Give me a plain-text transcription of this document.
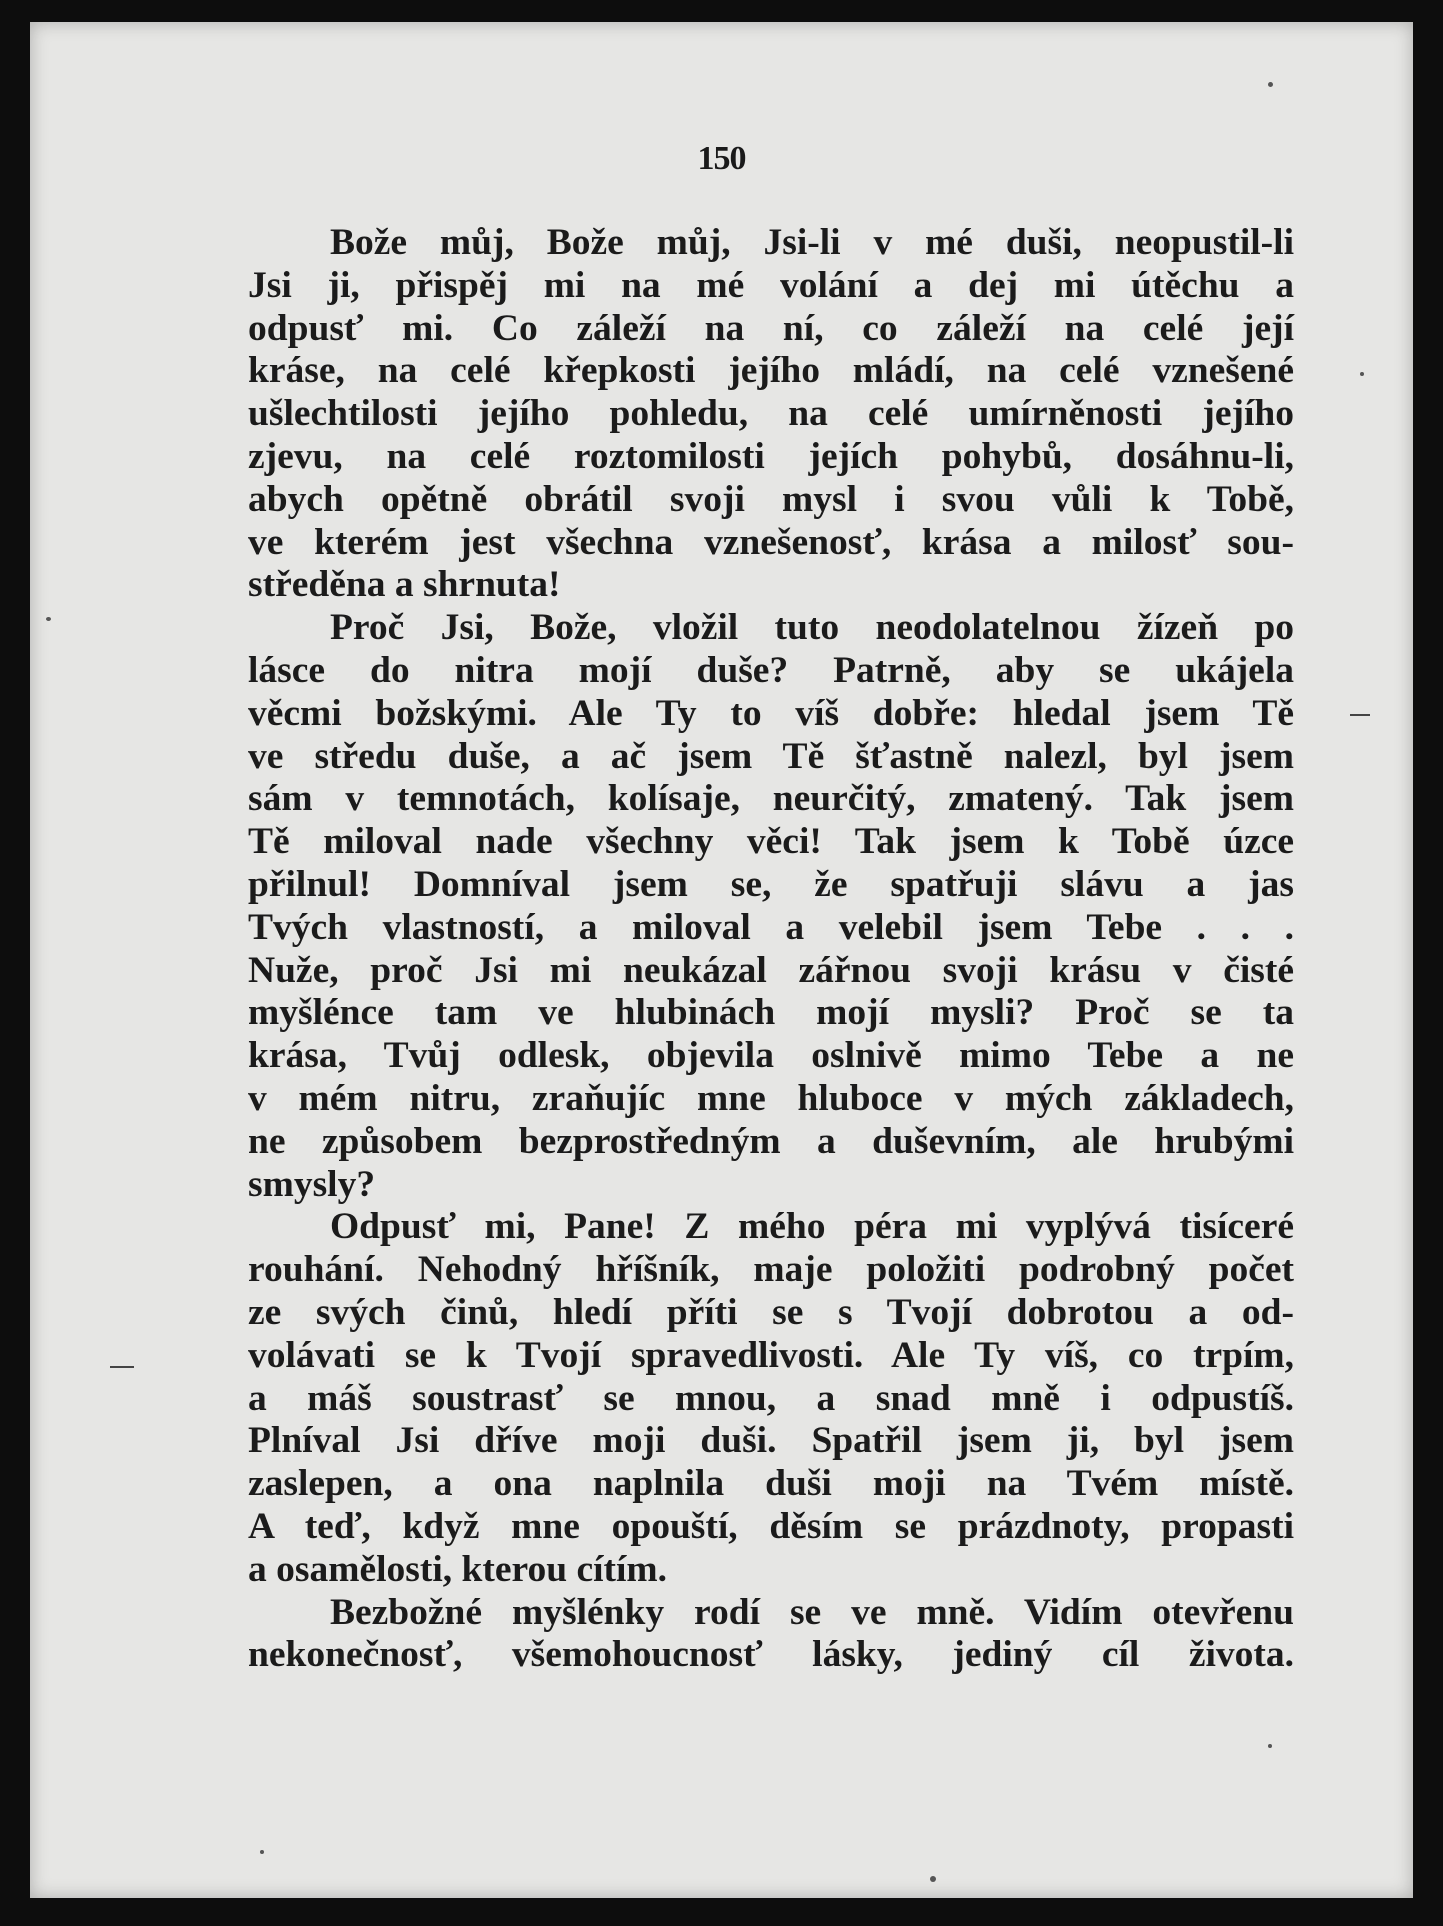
150
Bože můj, Bože můj, Jsi-li v mé duši, neopustil-li
Jsi ji, přispěj mi na mé volání a dej mi útěchu a
odpusť mi. Co záleží na ní, co záleží na celé její
kráse, na celé křepkosti jejího mládí, na celé vznešené
ušlechtilosti jejího pohledu, na celé umírněnosti jejího
zjevu, na celé roztomilosti jejích pohybů, dosáhnu-li,
abych opětně obrátil svoji mysl i svou vůli k Tobě,
ve kterém jest všechna vznešenosť, krása a milosť sou-
středěna a shrnuta!
Proč Jsi, Bože, vložil tuto neodolatelnou žízeň po
lásce do nitra mojí duše? Patrně, aby se ukájela
věcmi božskými. Ale Ty to víš dobře: hledal jsem Tě
ve středu duše, a ač jsem Tě šťastně nalezl, byl jsem
sám v temnotách, kolísaje, neurčitý, zmatený. Tak jsem
Tě miloval nade všechny věci! Tak jsem k Tobě úzce
přilnul! Domníval jsem se, že spatřuji slávu a jas
Tvých vlastností, a miloval a velebil jsem Tebe . . .
Nuže, proč Jsi mi neukázal zářnou svoji krásu v čisté
myšlénce tam ve hlubinách mojí mysli? Proč se ta
krása, Tvůj odlesk, objevila oslnivě mimo Tebe a ne
v mém nitru, zraňujíc mne hluboce v mých základech,
ne způsobem bezprostředným a duševním, ale hrubými
smysly?
Odpusť mi, Pane! Z mého péra mi vyplývá tisíceré
rouhání. Nehodný hříšník, maje položiti podrobný počet
ze svých činů, hledí příti se s Tvojí dobrotou a od-
volávati se k Tvojí spravedlivosti. Ale Ty víš, co trpím,
a máš soustrasť se mnou, a snad mně i odpustíš.
Plníval Jsi dříve moji duši. Spatřil jsem ji, byl jsem
zaslepen, a ona naplnila duši moji na Tvém místě.
A teď, když mne opouští, děsím se prázdnoty, propasti
a osamělosti, kterou cítím.
Bezbožné myšlénky rodí se ve mně. Vidím otevřenu
nekonečnosť, všemohoucnosť lásky, jediný cíl života.
